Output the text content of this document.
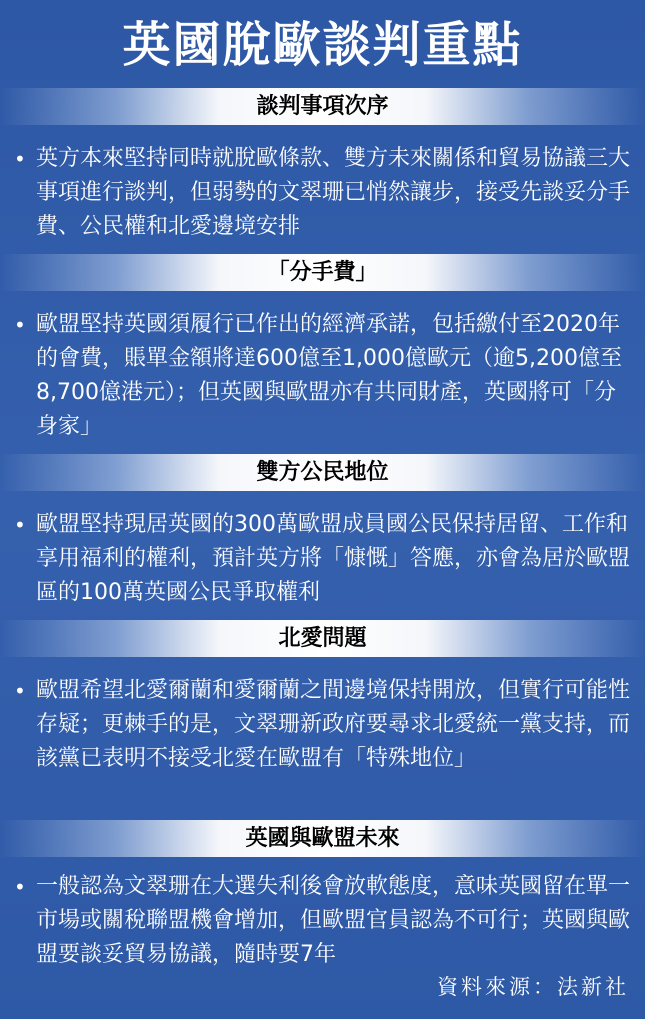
英國脫歐談判重點
談判事項次序
• 英方本來堅持同時就脫歐條款、雙方未來關係和貿易協議三大事項進行談判，但弱勢的文翠珊已悄然讓步，接受先談妥分手費、公民權和北愛邊境安排
「分手費」
• 歐盟堅持英國須履行已作出的經濟承諾，包括繳付至2020年的會費，賬單金額將達600億至1,000億歐元（逾5,200億至8,700億港元）；但英國與歐盟亦有共同財產，英國將可「分身家」
雙方公民地位
• 歐盟堅持現居英國的300萬歐盟成員國公民保持居留、工作和享用福利的權利，預計英方將「慷慨」答應，亦會為居於歐盟區的100萬英國公民爭取權利
北愛問題
• 歐盟希望北愛爾蘭和愛爾蘭之間邊境保持開放，但實行可能性存疑；更棘手的是，文翠珊新政府要尋求北愛統一黨支持，而該黨已表明不接受北愛在歐盟有「特殊地位」
英國與歐盟未來
• 一般認為文翠珊在大選失利後會放軟態度，意味英國留在單一市場或關稅聯盟機會增加，但歐盟官員認為不可行；英國與歐盟要談妥貿易協議，隨時要7年
資料來源：法新社
